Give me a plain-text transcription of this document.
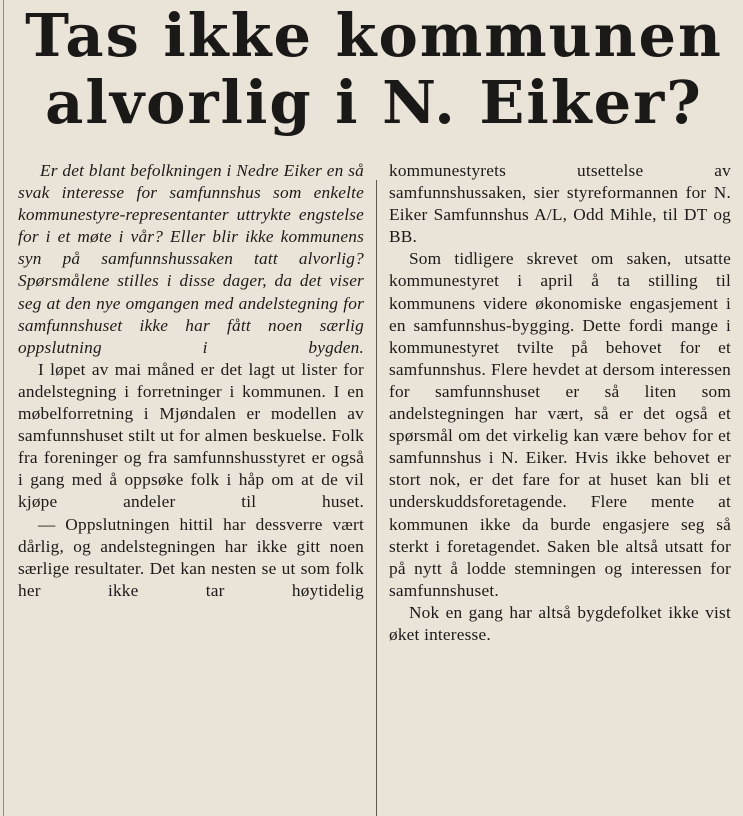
Tas ikke kommunen
alvorlig i N. Eiker?

Er det blant befolkningen i Nedre Eiker en så svak interesse for samfunnshus som enkelte kommunestyre-representanter uttrykte engstelse for i et møte i vår? Eller blir ikke kommunens syn på samfunnshussaken tatt alvorlig? Spørsmålene stilles i disse dager, da det viser seg at den nye omgangen med andelstegning for samfunnshuset ikke har fått noen særlig oppslutning i bygden.

I løpet av mai måned er det lagt ut lister for andelstegning i forretninger i kommunen. I en møbelforretning i Mjøndalen er modellen av samfunnshuset stilt ut for almen beskuelse. Folk fra foreninger og fra samfunnshusstyret er også i gang med å oppsøke folk i håp om at de vil kjøpe andeler til huset.

— Oppslutningen hittil har dessverre vært dårlig, og andelstegningen har ikke gitt noen særlige resultater. Det kan nesten se ut som folk her ikke tar høytidelig

kommunestyrets utsettelse av samfunnshussaken, sier styreformannen for N. Eiker Samfunnshus A/L, Odd Mihle, til DT og BB.

Som tidligere skrevet om saken, utsatte kommunestyret i april å ta stilling til kommunens videre økonomiske engasjement i en samfunnshus-bygging. Dette fordi mange i kommunestyret tvilte på behovet for et samfunnshus. Flere hevdet at dersom interessen for samfunnshuset er så liten som andelstegningen har vært, så er det også et spørsmål om det virkelig kan være behov for et samfunnshus i N. Eiker. Hvis ikke behovet er stort nok, er det fare for at huset kan bli et underskuddsforetagende. Flere mente at kommunen ikke da burde engasjere seg så sterkt i foretagendet. Saken ble altså utsatt for på nytt å lodde stemningen og interessen for samfunnshuset.

Nok en gang har altså bygdefolket ikke vist øket interesse.
